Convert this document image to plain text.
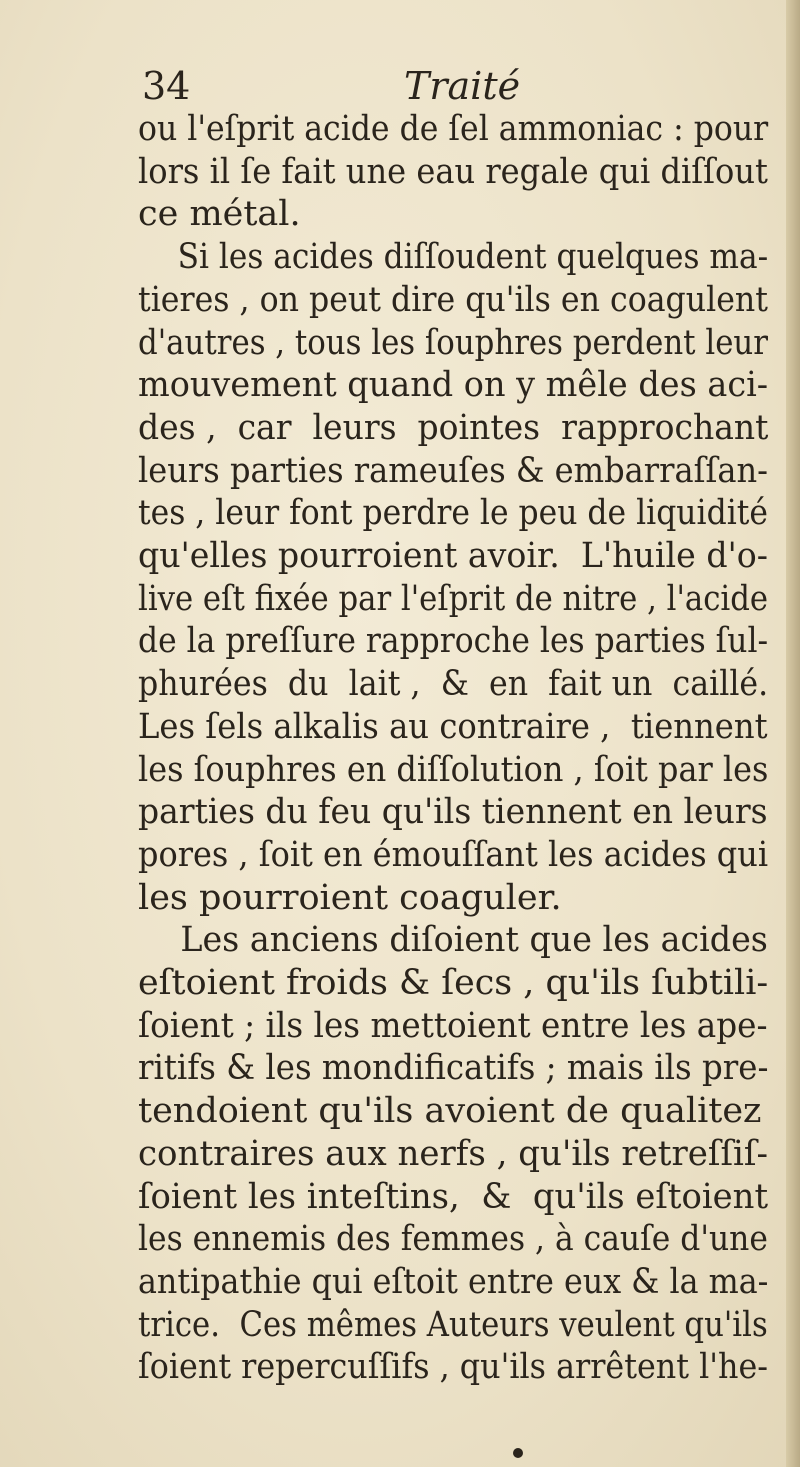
34	Traité
ou l'eſprit acide de ſel ammoniac : pour
lors il ſe fait une eau regale qui diſſout
ce métal.
Si les acides diſſoudent quelques ma-
tieres , on peut dire qu'ils en coagulent
d'autres , tous les ſouphres perdent leur
mouvement quand on y mêle des aci-
des ,  car  leurs  pointes  rapprochant
leurs parties rameuſes & embarraſſan-
tes , leur font perdre le peu de liquidité
qu'elles pourroient avoir.  L'huile d'o-
live eſt fixée par l'eſprit de nitre , l'acide
de la preſſure rapproche les parties ſul-
phurées  du  lait ,  &  en  fait un  caillé.
Les ſels alkalis au contraire ,  tiennent
les ſouphres en diſſolution , ſoit par les
parties du feu qu'ils tiennent en leurs
pores , ſoit en émouſſant les acides qui
les pourroient coaguler.
Les anciens diſoient que les acides
eſtoient froids & ſecs , qu'ils ſubtili-
ſoient ; ils les mettoient entre les ape-
ritifs & les mondificatifs ; mais ils pre-
tendoient qu'ils avoient de qualitez
contraires aux nerfs , qu'ils retreſſiſ-
ſoient les inteſtins,  &  qu'ils eſtoient
les ennemis des femmes , à cauſe d'une
antipathie qui eſtoit entre eux & la ma-
trice.  Ces mêmes Auteurs veulent qu'ils
ſoient repercuſſifs , qu'ils arrêtent l'he-
